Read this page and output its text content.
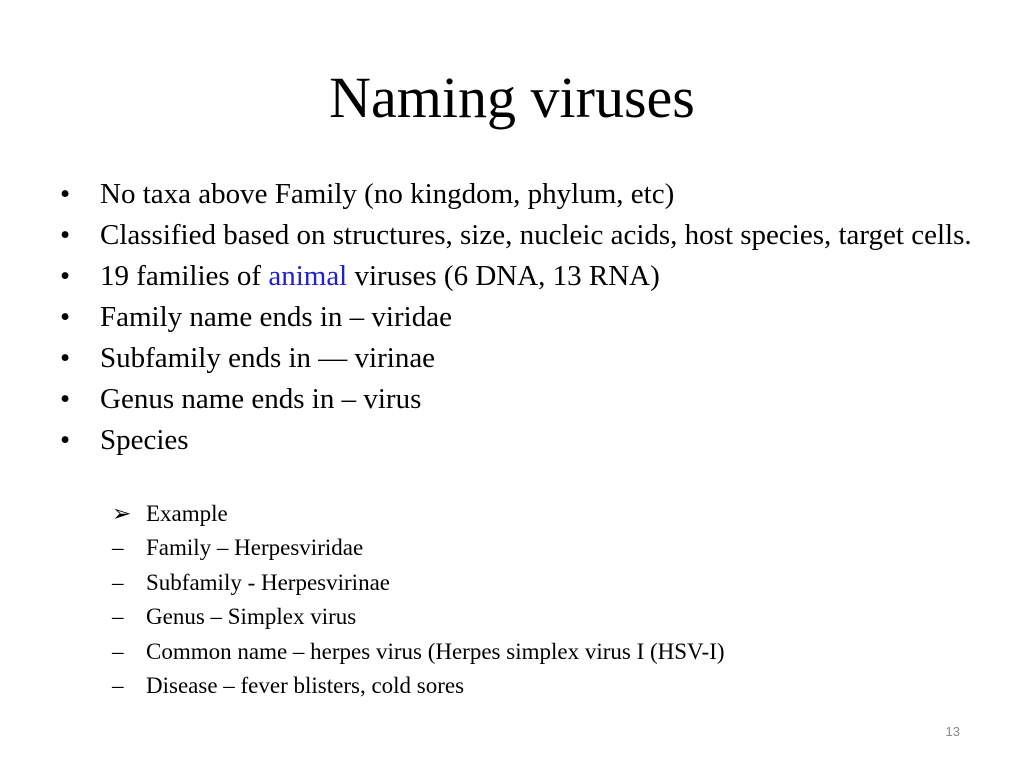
Naming viruses
•	No taxa above Family (no kingdom, phylum, etc)
•	Classified based on structures, size, nucleic acids, host species, target cells.
•	19 families of animal viruses (6 DNA, 13 RNA)
•	Family name ends in – viridae
•	Subfamily ends in — virinae
•	Genus name ends in – virus
•	Species
➢ Example
– Family – Herpesviridae
– Subfamily - Herpesvirinae
– Genus – Simplex virus
– Common name – herpes virus (Herpes simplex virus I (HSV-I)
– Disease – fever blisters, cold sores
13
